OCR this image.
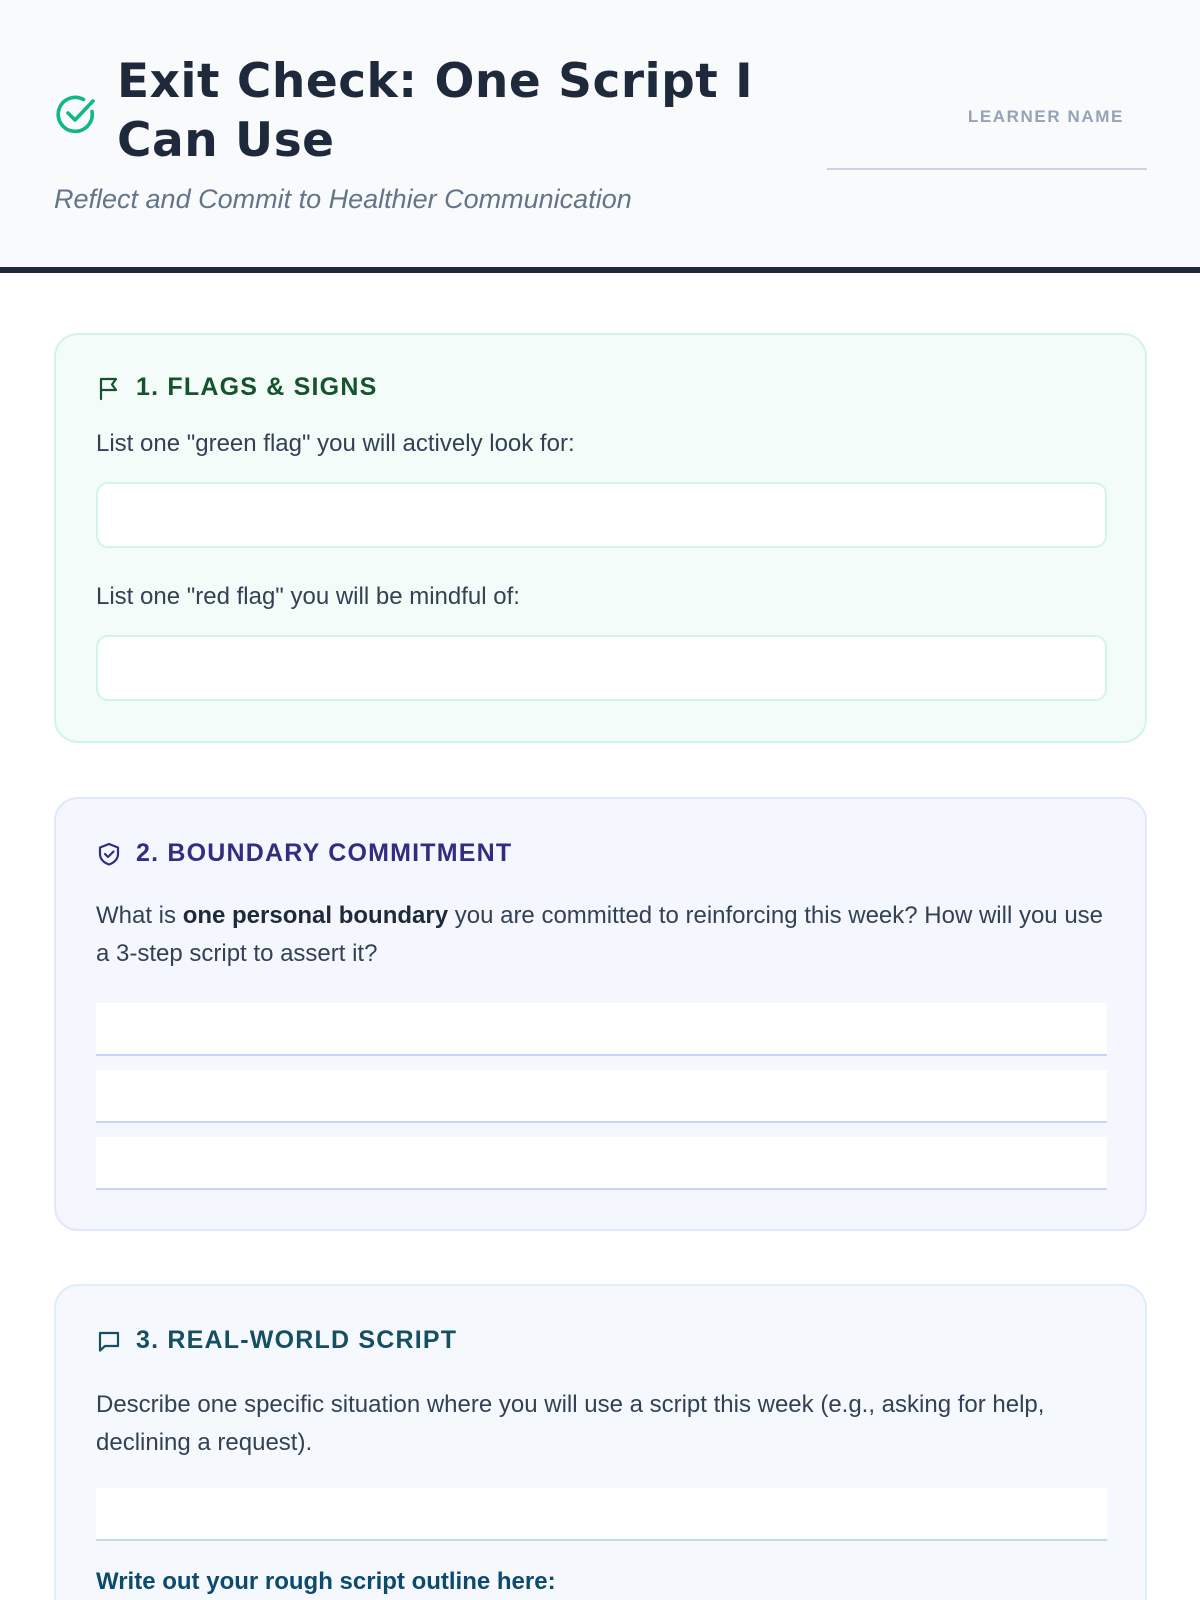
Exit Check: One Script I Can Use
Reflect and Commit to Healthier Communication
LEARNER NAME
1. FLAGS & SIGNS
List one "green flag" you will actively look for:
List one "red flag" you will be mindful of:
2. BOUNDARY COMMITMENT
What is one personal boundary you are committed to reinforcing this week? How will you use a 3-step script to assert it?
3. REAL-WORLD SCRIPT
Describe one specific situation where you will use a script this week (e.g., asking for help, declining a request).
Write out your rough script outline here:
